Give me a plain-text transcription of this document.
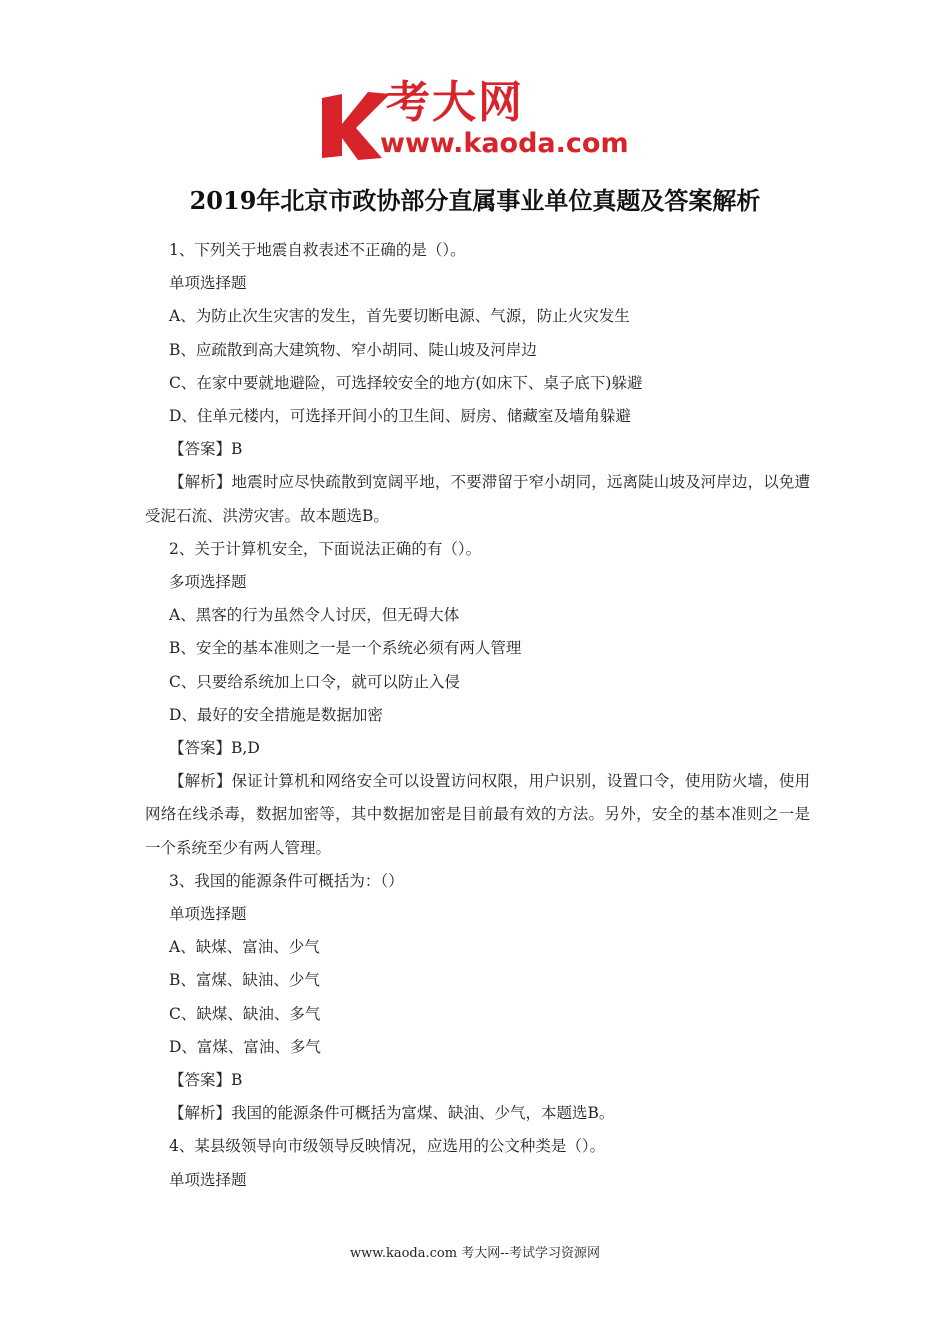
考大网
www.kaoda.com
2019年北京市政协部分直属事业单位真题及答案解析
1、下列关于地震自救表述不正确的是（）。
单项选择题
A、为防止次生灾害的发生，首先要切断电源、气源，防止火灾发生
B、应疏散到高大建筑物、窄小胡同、陡山坡及河岸边
C、在家中要就地避险，可选择较安全的地方(如床下、桌子底下)躲避
D、住单元楼内，可选择开间小的卫生间、厨房、储藏室及墙角躲避
【答案】B
【解析】地震时应尽快疏散到宽阔平地，不要滞留于窄小胡同，远离陡山坡及河岸边，以免遭受泥石流、洪涝灾害。故本题选B。
2、关于计算机安全，下面说法正确的有（）。
多项选择题
A、黑客的行为虽然令人讨厌，但无碍大体
B、安全的基本准则之一是一个系统必须有两人管理
C、只要给系统加上口令，就可以防止入侵
D、最好的安全措施是数据加密
【答案】B,D
【解析】保证计算机和网络安全可以设置访问权限，用户识别，设置口令，使用防火墙，使用网络在线杀毒，数据加密等，其中数据加密是目前最有效的方法。另外，安全的基本准则之一是一个系统至少有两人管理。
3、我国的能源条件可概括为：（）
单项选择题
A、缺煤、富油、少气
B、富煤、缺油、少气
C、缺煤、缺油、多气
D、富煤、富油、多气
【答案】B
【解析】我国的能源条件可概括为富煤、缺油、少气，本题选B。
4、某县级领导向市级领导反映情况，应选用的公文种类是（）。
单项选择题
www.kaoda.com 考大网--考试学习资源网
